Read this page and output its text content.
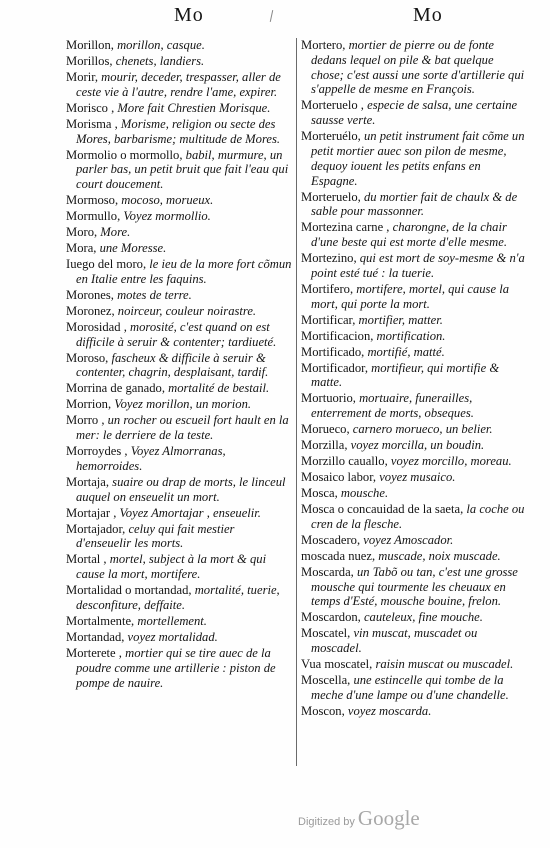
Mo	Mo
Morillon, morillon, casque.
Morillos, chenets, landiers.
Morir, mourir, deceder, trespasser, aller de ceste vie à l'autre, rendre l'ame, expirer.
Morisco , More fait Chrestien Morisque.
Morisma , Morisme, religion ou secte des Mores, barbarisme; multitude de Mores.
Mormolio o mormollo, babil, murmure, un parler bas, un petit bruit que fait l'eau qui court doucement.
Mormoso, mocoso, morueux.
Mormullo, Voyez mormollio.
Moro, More.
Mora, une Moresse.
Iuego del moro, le ieu de la more fort cõmun en Italie entre les faquins.
Morones, motes de terre.
Moronez, noirceur, couleur noirastre.
Morosidad , morosité, c'est quand on est difficile à seruir & contenter; tardiueté.
Moroso, fascheux & difficile à seruir & contenter, chagrin, desplaisant, tardif.
Morrina de ganado, mortalité de bestail.
Morrion, Voyez morillon, un morion.
Morro , un rocher ou escueil fort hault en la mer: le derriere de la teste.
Morroydes , Voyez Almorranas, hemorroides.
Mortaja, suaire ou drap de morts, le linceul auquel on enseuelit un mort.
Mortajar , Voyez Amortajar , enseuelir.
Mortajador, celuy qui fait mestier d'enseuelir les morts.
Mortal , mortel, subject à la mort & qui cause la mort, mortifere.
Mortalidad o mortandad, mortalité, tuerie, desconfiture, deffaite.
Mortalmente, mortellement.
Mortandad, voyez mortalidad.
Morterete , mortier qui se tire auec de la poudre comme une artillerie : piston de pompe de nauire.
Mortero, mortier de pierre ou de fonte dedans lequel on pile & bat quelque chose; c'est aussi une sorte d'artillerie qui s'appelle de mesme en François.
Morteruelo , especie de salsa, une certaine sausse verte.
Morteruélo, un petit instrument fait cõme un petit mortier auec son pilon de mesme, dequoy iouent les petits enfans en Espagne.
Morteruelo, du mortier fait de chaulx & de sable pour massonner.
Mortezina carne , charongne, de la chair d'une beste qui est morte d'elle mesme.
Mortezino, qui est mort de soy-mesme & n'a point esté tué : la tuerie.
Mortifero, mortifere, mortel, qui cause la mort, qui porte la mort.
Mortificar, mortifier, matter.
Mortificacion, mortification.
Mortificado, mortifié, matté.
Mortificador, mortifieur, qui mortifie & matte.
Mortuorio, mortuaire, funerailles, enterrement de morts, obseques.
Morueco, carnero morueco, un belier.
Morzilla, voyez morcilla, un boudin.
Morzillo cauallo, voyez morcillo, moreau.
Mosaico labor, voyez musaico.
Mosca, mousche.
Mosca o concauidad de la saeta, la coche ou cren de la flesche.
Moscadero, voyez Amoscador.
moscada nuez, muscade, noix muscade.
Moscarda, un Tabõ ou tan, c'est une grosse mousche qui tourmente les cheuaux en temps d'Esté, mousche bouine, frelon.
Moscardon, cauteleux, fine mouche.
Moscatel, vin muscat, muscadet ou moscadel.
Vua moscatel, raisin muscat ou muscadel.
Moscella, une estincelle qui tombe de la meche d'une lampe ou d'une chandelle.
Moscon, voyez moscarda.
Digitized by Google
